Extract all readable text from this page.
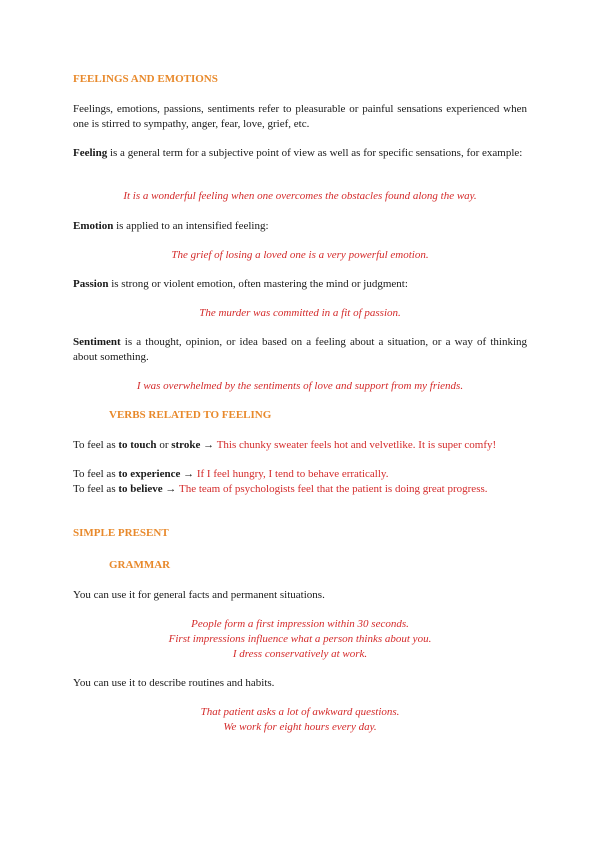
FEELINGS AND EMOTIONS
Feelings, emotions, passions, sentiments refer to pleasurable or painful sensations experienced when one is stirred to sympathy, anger, fear, love, grief, etc.
Feeling is a general term for a subjective point of view as well as for specific sensations, for example:
It is a wonderful feeling when one overcomes the obstacles found along the way.
Emotion is applied to an intensified feeling:
The grief of losing a loved one is a very powerful emotion.
Passion is strong or violent emotion, often mastering the mind or judgment:
The murder was committed in a fit of passion.
Sentiment is a thought, opinion, or idea based on a feeling about a situation, or a way of thinking about something.
I was overwhelmed by the sentiments of love and support from my friends.
VERBS RELATED TO FEELING
To feel as to touch or stroke → This chunky sweater feels hot and velvetlike. It is super comfy!
To feel as to experience → If I feel hungry, I tend to behave erratically.
To feel as to believe → The team of psychologists feel that the patient is doing great progress.
SIMPLE PRESENT
GRAMMAR
You can use it for general facts and permanent situations.
People form a first impression within 30 seconds.
First impressions influence what a person thinks about you.
I dress conservatively at work.
You can use it to describe routines and habits.
That patient asks a lot of awkward questions.
We work for eight hours every day.
